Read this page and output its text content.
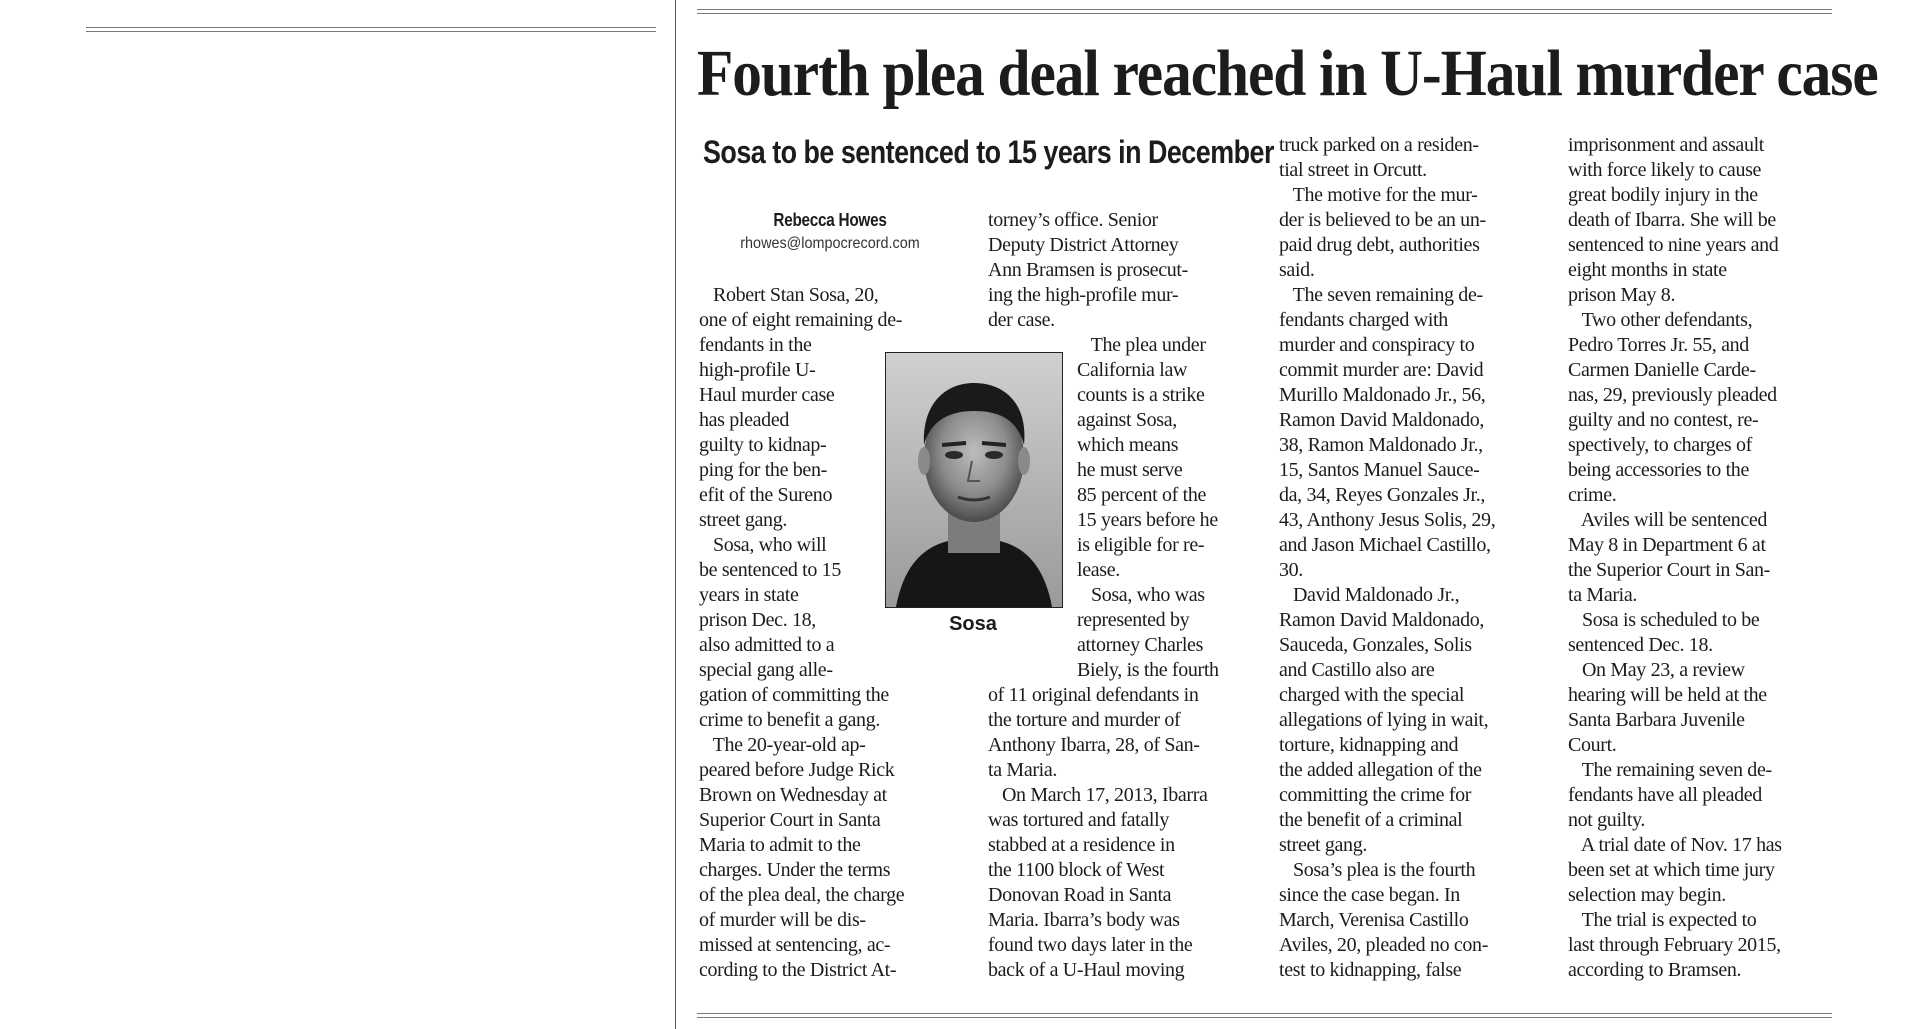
Fourth plea deal reached in U-Haul murder case
Sosa to be sentenced to 15 years in December
Rebecca Howes
rhowes@lompocrecord.com
Robert Stan Sosa, 20,
one of eight remaining de-
fendants in the
high-profile U-
Haul murder case
has pleaded
guilty to kidnap-
ping for the ben-
efit of the Sureno
street gang.
Sosa, who will
be sentenced to 15
years in state
prison Dec. 18,
also admitted to a
special gang alle-
gation of committing the
crime to benefit a gang.
The 20-year-old ap-
peared before Judge Rick
Brown on Wednesday at
Superior Court in Santa
Maria to admit to the
charges. Under the terms
of the plea deal, the charge
of murder will be dis-
missed at sentencing, ac-
cording to the District At-
torney’s office. Senior
Deputy District Attorney
Ann Bramsen is prosecut-
ing the high-profile mur-
der case.
The plea under
California law
counts is a strike
against Sosa,
which means
he must serve
85 percent of the
15 years before he
is eligible for re-
lease.
Sosa, who was
represented by
attorney Charles
Biely, is the fourth
of 11 original defendants in
the torture and murder of
Anthony Ibarra, 28, of San-
ta Maria.
On March 17, 2013, Ibarra
was tortured and fatally
stabbed at a residence in
the 1100 block of West
Donovan Road in Santa
Maria. Ibarra’s body was
found two days later in the
back of a U-Haul moving
Sosa
truck parked on a residen-
tial street in Orcutt.
The motive for the mur-
der is believed to be an un-
paid drug debt, authorities
said.
The seven remaining de-
fendants charged with
murder and conspiracy to
commit murder are: David
Murillo Maldonado Jr., 56,
Ramon David Maldonado,
38, Ramon Maldonado Jr.,
15, Santos Manuel Sauce-
da, 34, Reyes Gonzales Jr.,
43, Anthony Jesus Solis, 29,
and Jason Michael Castillo,
30.
David Maldonado Jr.,
Ramon David Maldonado,
Sauceda, Gonzales, Solis
and Castillo also are
charged with the special
allegations of lying in wait,
torture, kidnapping and
the added allegation of the
committing the crime for
the benefit of a criminal
street gang.
Sosa’s plea is the fourth
since the case began. In
March, Verenisa Castillo
Aviles, 20, pleaded no con-
test to kidnapping, false
imprisonment and assault
with force likely to cause
great bodily injury in the
death of Ibarra. She will be
sentenced to nine years and
eight months in state
prison May 8.
Two other defendants,
Pedro Torres Jr. 55, and
Carmen Danielle Carde-
nas, 29, previously pleaded
guilty and no contest, re-
spectively, to charges of
being accessories to the
crime.
Aviles will be sentenced
May 8 in Department 6 at
the Superior Court in San-
ta Maria.
Sosa is scheduled to be
sentenced Dec. 18.
On May 23, a review
hearing will be held at the
Santa Barbara Juvenile
Court.
The remaining seven de-
fendants have all pleaded
not guilty.
A trial date of Nov. 17 has
been set at which time jury
selection may begin.
The trial is expected to
last through February 2015,
according to Bramsen.
